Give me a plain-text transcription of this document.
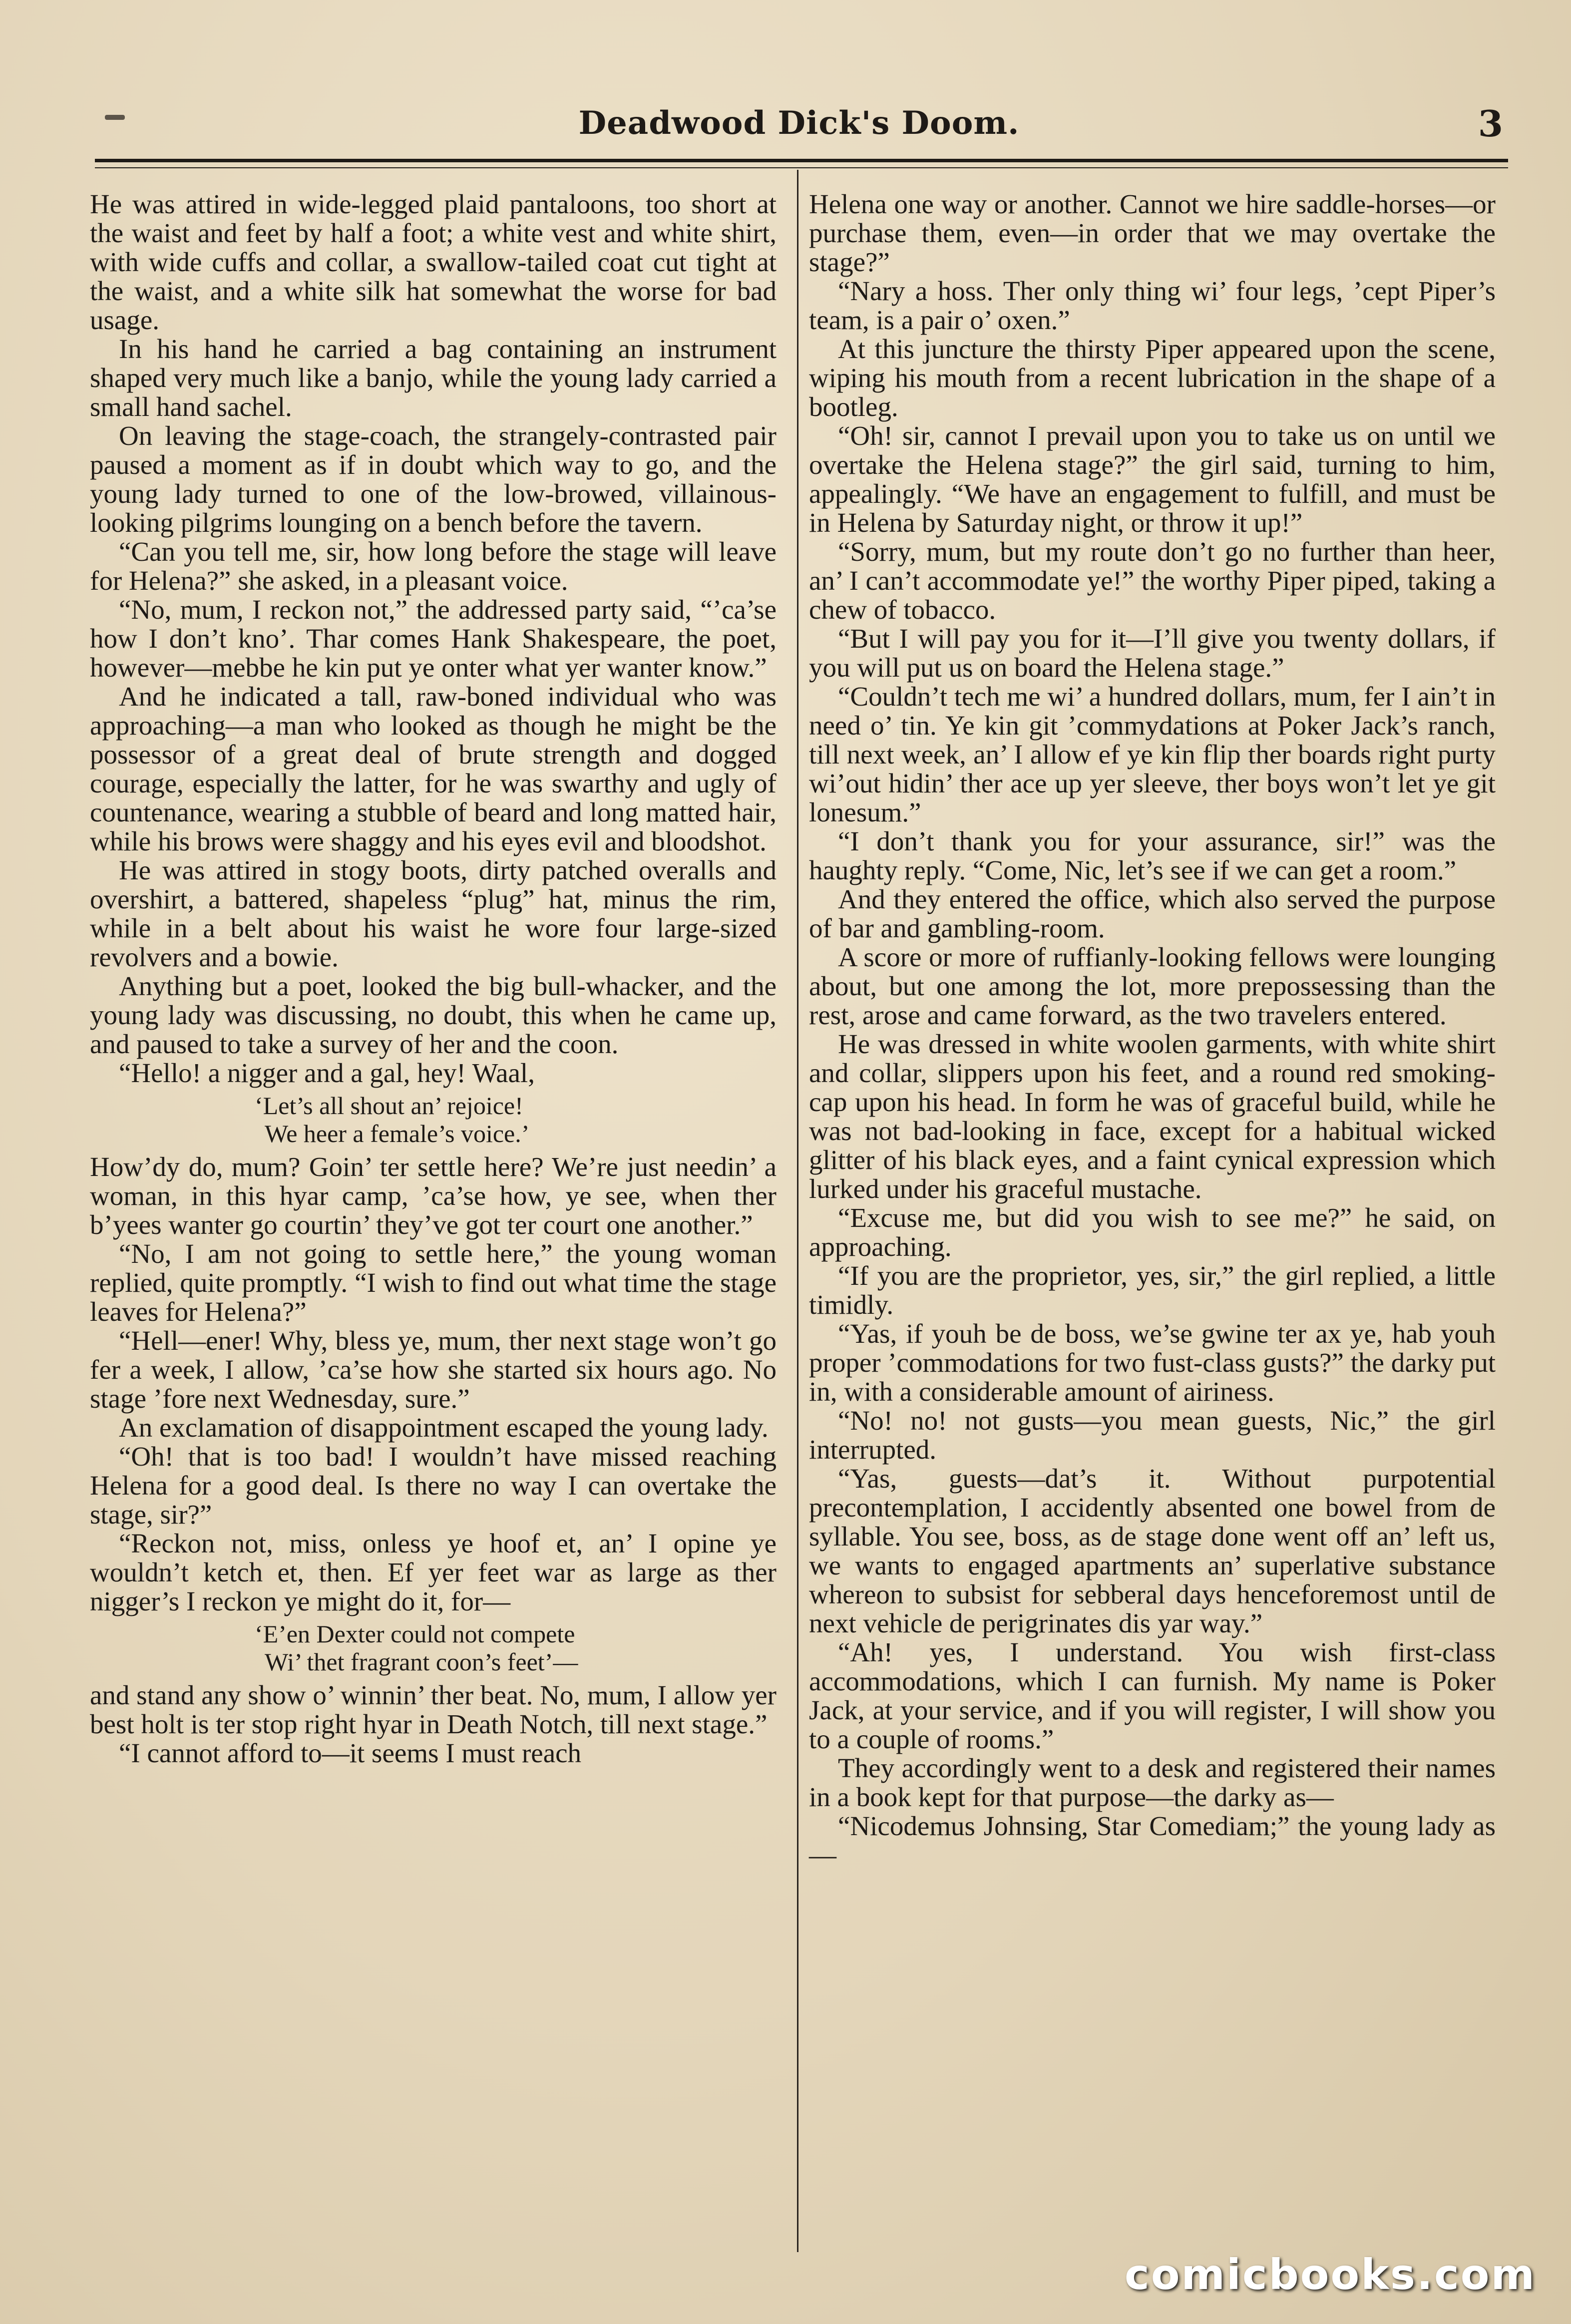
Deadwood Dick's Doom.	3

He was attired in wide-legged plaid pantaloons, too short at the waist and feet by half a foot; a white vest and white shirt, with wide cuffs and collar, a swallow-tailed coat cut tight at the waist, and a white silk hat somewhat the worse for bad usage.

In his hand he carried a bag containing an instrument shaped very much like a banjo, while the young lady carried a small hand sachel.

On leaving the stage-coach, the strangely-contrasted pair paused a moment as if in doubt which way to go, and the young lady turned to one of the low-browed, villainous-looking pilgrims lounging on a bench before the tavern.

“Can you tell me, sir, how long before the stage will leave for Helena?” she asked, in a pleasant voice.

“No, mum, I reckon not,” the addressed party said, “’ca’se how I don’t kno’. Thar comes Hank Shakespeare, the poet, however—mebbe he kin put ye onter what yer wanter know.”

And he indicated a tall, raw-boned individual who was approaching—a man who looked as though he might be the possessor of a great deal of brute strength and dogged courage, especially the latter, for he was swarthy and ugly of countenance, wearing a stubble of beard and long matted hair, while his brows were shaggy and his eyes evil and bloodshot.

He was attired in stogy boots, dirty patched overalls and overshirt, a battered, shapeless “plug” hat, minus the rim, while in a belt about his waist he wore four large-sized revolvers and a bowie.

Anything but a poet, looked the big bull-whacker, and the young lady was discussing, no doubt, this when he came up, and paused to take a survey of her and the coon.

“Hello! a nigger and a gal, hey! Waal,

‘Let’s all shout an’ rejoice!
We heer a female’s voice.’

How’dy do, mum? Goin’ ter settle here? We’re just needin’ a woman, in this hyar camp, ’ca’se how, ye see, when ther b’yees wanter go courtin’ they’ve got ter court one another.”

“No, I am not going to settle here,” the young woman replied, quite promptly. “I wish to find out what time the stage leaves for Helena?”

“Hell—ener! Why, bless ye, mum, ther next stage won’t go fer a week, I allow, ’ca’se how she started six hours ago. No stage ’fore next Wednesday, sure.”

An exclamation of disappointment escaped the young lady.

“Oh! that is too bad! I wouldn’t have missed reaching Helena for a good deal. Is there no way I can overtake the stage, sir?”

“Reckon not, miss, onless ye hoof et, an’ I opine ye wouldn’t ketch et, then. Ef yer feet war as large as ther nigger’s I reckon ye might do it, for—

‘E’en Dexter could not compete
Wi’ thet fragrant coon’s feet’—

and stand any show o’ winnin’ ther beat. No, mum, I allow yer best holt is ter stop right hyar in Death Notch, till next stage.”

“I cannot afford to—it seems I must reach

Helena one way or another. Cannot we hire saddle-horses—or purchase them, even—in order that we may overtake the stage?”

“Nary a hoss. Ther only thing wi’ four legs, ’cept Piper’s team, is a pair o’ oxen.”

At this juncture the thirsty Piper appeared upon the scene, wiping his mouth from a recent lubrication in the shape of a bootleg.

“Oh! sir, cannot I prevail upon you to take us on until we overtake the Helena stage?” the girl said, turning to him, appealingly. “We have an engagement to fulfill, and must be in Helena by Saturday night, or throw it up!”

“Sorry, mum, but my route don’t go no further than heer, an’ I can’t accommodate ye!” the worthy Piper piped, taking a chew of tobacco.

“But I will pay you for it—I’ll give you twenty dollars, if you will put us on board the Helena stage.”

“Couldn’t tech me wi’ a hundred dollars, mum, fer I ain’t in need o’ tin. Ye kin git ’commydations at Poker Jack’s ranch, till next week, an’ I allow ef ye kin flip ther boards right purty wi’out hidin’ ther ace up yer sleeve, ther boys won’t let ye git lonesum.”

“I don’t thank you for your assurance, sir!” was the haughty reply. “Come, Nic, let’s see if we can get a room.”

And they entered the office, which also served the purpose of bar and gambling-room.

A score or more of ruffianly-looking fellows were lounging about, but one among the lot, more prepossessing than the rest, arose and came forward, as the two travelers entered.

He was dressed in white woolen garments, with white shirt and collar, slippers upon his feet, and a round red smoking-cap upon his head. In form he was of graceful build, while he was not bad-looking in face, except for a habitual wicked glitter of his black eyes, and a faint cynical expression which lurked under his graceful mustache.

“Excuse me, but did you wish to see me?” he said, on approaching.

“If you are the proprietor, yes, sir,” the girl replied, a little timidly.

“Yas, if youh be de boss, we’se gwine ter ax ye, hab youh proper ’commodations for two fust-class gusts?” the darky put in, with a considerable amount of airiness.

“No! no! not gusts—you mean guests, Nic,” the girl interrupted.

“Yas, guests—dat’s it. Without purpotential precontemplation, I accidently absented one bowel from de syllable. You see, boss, as de stage done went off an’ left us, we wants to engaged apartments an’ superlative substance whereon to subsist for sebberal days henceforemost until de next vehicle de perigrinates dis yar way.”

“Ah! yes, I understand. You wish first-class accommodations, which I can furnish. My name is Poker Jack, at your service, and if you will register, I will show you to a couple of rooms.”

They accordingly went to a desk and registered their names in a book kept for that purpose—the darky as—

“Nicodemus Johnsing, Star Comediam;” the young lady as—

comicbooks.com
